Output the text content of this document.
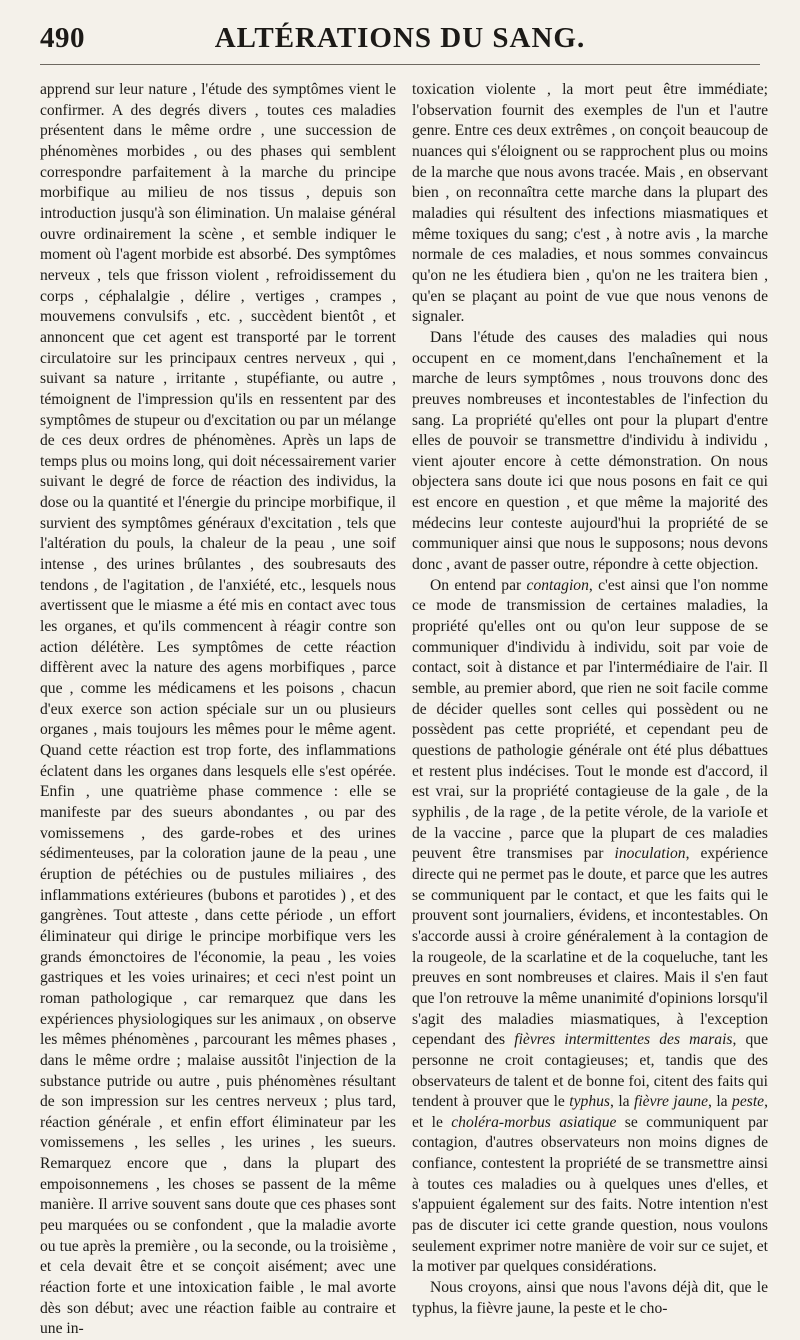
490	ALTÉRATIONS DU SANG.

apprend sur leur nature , l'étude des symptômes vient le confirmer. A des degrés divers , toutes ces maladies présentent dans le même ordre , une succession de phénomènes morbides , ou des phases qui semblent correspondre parfaitement à la marche du principe morbifique au milieu de nos tissus , depuis son introduction jusqu'à son élimination. Un malaise général ouvre ordinairement la scène , et semble indiquer le moment où l'agent morbide est absorbé. Des symptômes nerveux , tels que frisson violent , refroidissement du corps , céphalalgie , délire , vertiges , crampes , mouvemens convulsifs , etc. , succèdent bientôt , et annoncent que cet agent est transporté par le torrent circulatoire sur les principaux centres nerveux , qui , suivant sa nature , irritante , stupéfiante, ou autre , témoignent de l'impression qu'ils en ressentent par des symptômes de stupeur ou d'excitation ou par un mélange de ces deux ordres de phénomènes. Après un laps de temps plus ou moins long, qui doit nécessairement varier suivant le degré de force de réaction des individus, la dose ou la quantité et l'énergie du principe morbifique, il survient des symptômes généraux d'excitation , tels que l'altération du pouls, la chaleur de la peau , une soif intense , des urines brûlantes , des soubresauts des tendons , de l'agitation , de l'anxiété, etc., lesquels nous avertissent que le miasme a été mis en contact avec tous les organes, et qu'ils commencent à réagir contre son action délétère. Les symptômes de cette réaction diffèrent avec la nature des agens morbifiques , parce que , comme les médicamens et les poisons , chacun d'eux exerce son action spéciale sur un ou plusieurs organes , mais toujours les mêmes pour le même agent. Quand cette réaction est trop forte, des inflammations éclatent dans les organes dans lesquels elle s'est opérée. Enfin , une quatrième phase commence : elle se manifeste par des sueurs abondantes , ou par des vomissemens , des garde-robes et des urines sédimenteuses, par la coloration jaune de la peau , une éruption de pétéchies ou de pustules miliaires , des inflammations extérieures (bubons et parotides ) , et des gangrènes. Tout atteste , dans cette période , un effort éliminateur qui dirige le principe morbifique vers les grands émonctoires de l'économie, la peau , les voies gastriques et les voies urinaires; et ceci n'est point un roman pathologique , car remarquez que dans les expériences physiologiques sur les animaux , on observe les mêmes phénomènes , parcourant les mêmes phases , dans le même ordre ; malaise aussitôt l'injection de la substance putride ou autre , puis phénomènes résultant de son impression sur les centres nerveux ; plus tard, réaction générale , et enfin effort éliminateur par les vomissemens , les selles , les urines , les sueurs. Remarquez encore que , dans la plupart des empoisonnemens , les choses se passent de la même manière. Il arrive souvent sans doute que ces phases sont peu marquées ou se confondent , que la maladie avorte ou tue après la première , ou la seconde, ou la troisième , et cela devait être et se conçoit aisément; avec une réaction forte et une intoxication faible , le mal avorte dès son début; avec une réaction faible au contraire et une in-

toxication violente , la mort peut être immédiate; l'observation fournit des exemples de l'un et l'autre genre. Entre ces deux extrêmes , on conçoit beaucoup de nuances qui s'éloignent ou se rapprochent plus ou moins de la marche que nous avons tracée. Mais , en observant bien , on reconnaîtra cette marche dans la plupart des maladies qui résultent des infections miasmatiques et même toxiques du sang; c'est , à notre avis , la marche normale de ces maladies, et nous sommes convaincus qu'on ne les étudiera bien , qu'on ne les traitera bien , qu'en se plaçant au point de vue que nous venons de signaler.

Dans l'étude des causes des maladies qui nous occupent en ce moment,dans l'enchaînement et la marche de leurs symptômes , nous trouvons donc des preuves nombreuses et incontestables de l'infection du sang. La propriété qu'elles ont pour la plupart d'entre elles de pouvoir se transmettre d'individu à individu , vient ajouter encore à cette démonstration. On nous objectera sans doute ici que nous posons en fait ce qui est encore en question , et que même la majorité des médecins leur conteste aujourd'hui la propriété de se communiquer ainsi que nous le supposons; nous devons donc , avant de passer outre, répondre à cette objection.

On entend par contagion, c'est ainsi que l'on nomme ce mode de transmission de certaines maladies, la propriété qu'elles ont ou qu'on leur suppose de se communiquer d'individu à individu, soit par voie de contact, soit à distance et par l'intermédiaire de l'air. Il semble, au premier abord, que rien ne soit facile comme de décider quelles sont celles qui possèdent ou ne possèdent pas cette propriété, et cependant peu de questions de pathologie générale ont été plus débattues et restent plus indécises. Tout le monde est d'accord, il est vrai, sur la propriété contagieuse de la gale , de la syphilis , de la rage , de la petite vérole, de la varioIe et de la vaccine , parce que la plupart de ces maladies peuvent être transmises par inoculation, expérience directe qui ne permet pas le doute, et parce que les autres se communiquent par le contact, et que les faits qui le prouvent sont journaliers, évidens, et incontestables. On s'accorde aussi à croire généralement à la contagion de la rougeole, de la scarlatine et de la coqueluche, tant les preuves en sont nombreuses et claires. Mais il s'en faut que l'on retrouve la même unanimité d'opinions lorsqu'il s'agit des maladies miasmatiques, à l'exception cependant des fièvres intermittentes des marais, que personne ne croit contagieuses; et, tandis que des observateurs de talent et de bonne foi, citent des faits qui tendent à prouver que le typhus, la fièvre jaune, la peste, et le choléra-morbus asiatique se communiquent par contagion, d'autres observateurs non moins dignes de confiance, contestent la propriété de se transmettre ainsi à toutes ces maladies ou à quelques unes d'elles, et s'appuient également sur des faits. Notre intention n'est pas de discuter ici cette grande question, nous voulons seulement exprimer notre manière de voir sur ce sujet, et la motiver par quelques considérations.

Nous croyons, ainsi que nous l'avons déjà dit, que le typhus, la fièvre jaune, la peste et le cho-
